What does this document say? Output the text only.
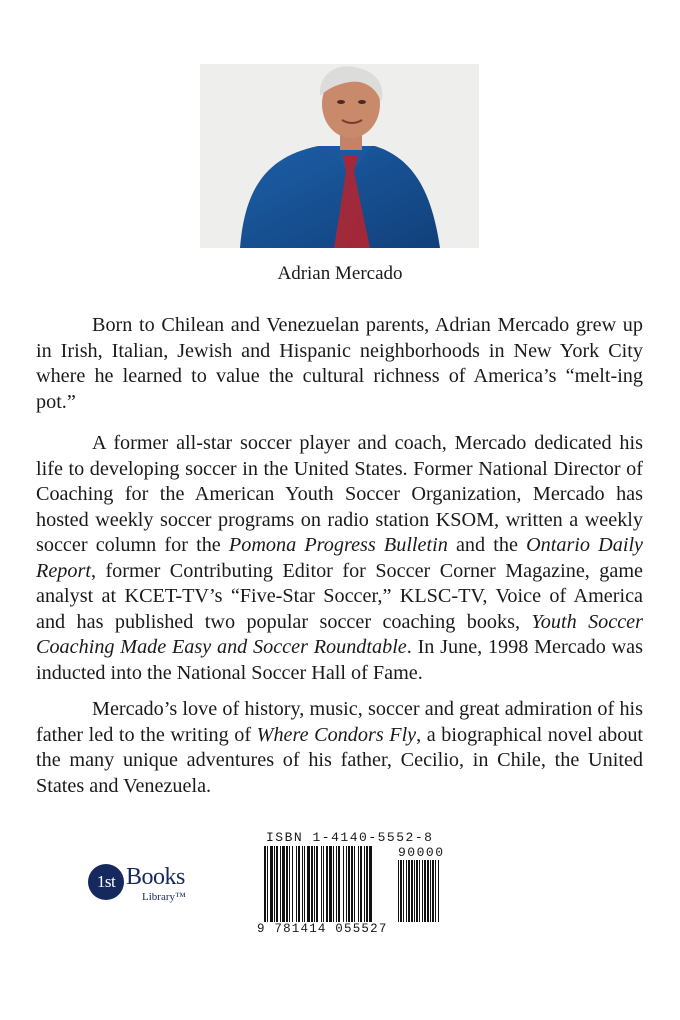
Adrian Mercado
Born to Chilean and Venezuelan parents, Adrian Mercado grew up in Irish, Italian, Jewish and Hispanic neighborhoods in New York City where he learned to value the cultural richness of America’s “melt-ing pot.”
A former all-star soccer player and coach, Mercado dedicated his life to developing soccer in the United States. Former National Director of Coaching for the American Youth Soccer Organization, Mercado has hosted weekly soccer programs on radio station KSOM, written a weekly soccer column for the Pomona Progress Bulletin and the Ontario Daily Report, former Contributing Editor for Soccer Corner Magazine, game analyst at KCET-TV’s “Five-Star Soccer,” KLSC-TV, Voice of America and has published two popular soccer coaching books, Youth Soccer Coaching Made Easy and Soccer Roundtable. In June, 1998 Mercado was inducted into the National Soccer Hall of Fame.
Mercado’s love of history, music, soccer and great admiration of his father led to the writing of Where Condors Fly, a biographical novel about the many unique adventures of his father, Cecilio, in Chile, the United States and Venezuela.
1st Books
Library™
ISBN 1-4140-5552-8
90000
9 781414 055527
